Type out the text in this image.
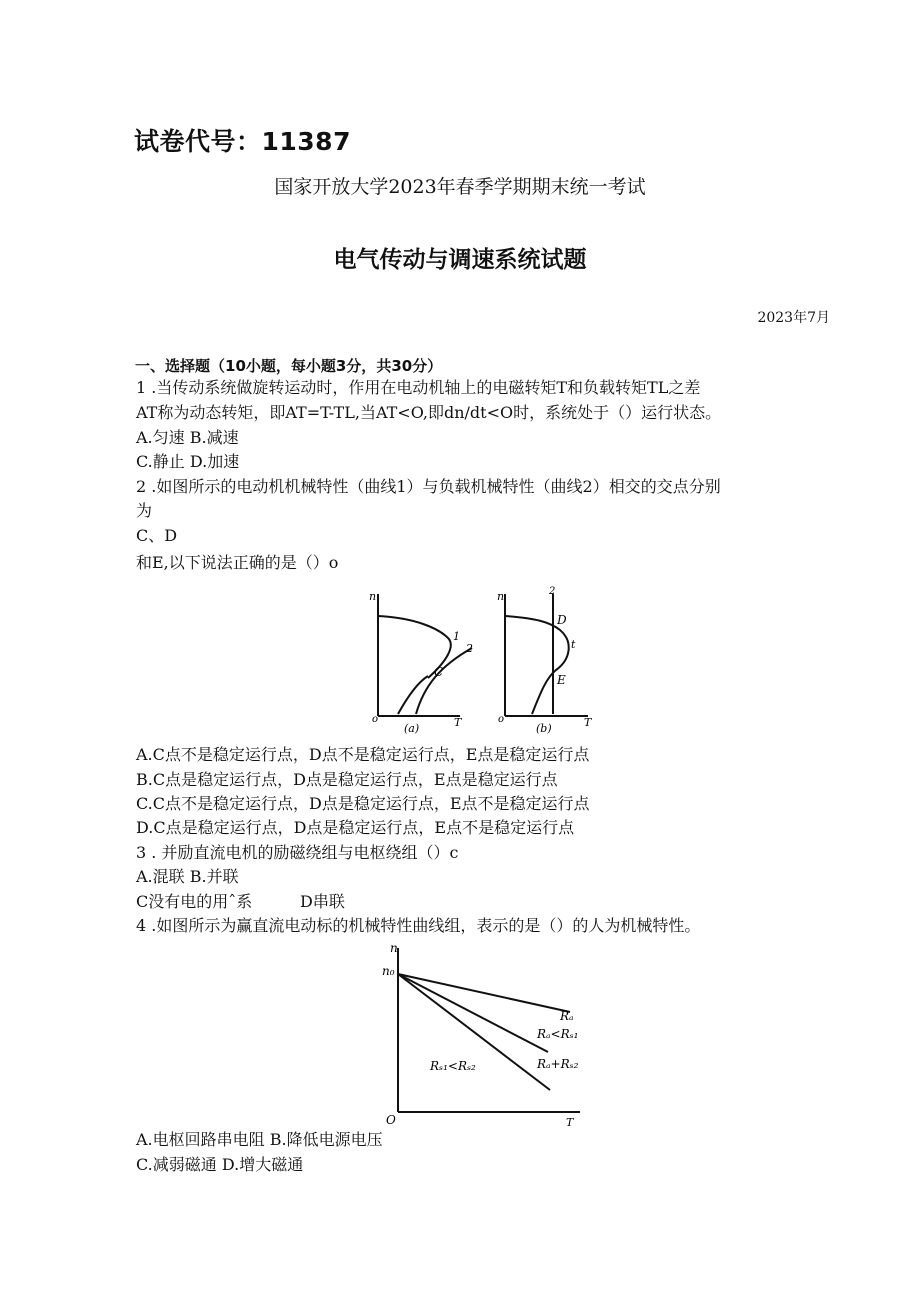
试卷代号：11387
国家开放大学2023年春季学期期末统一考试
电气传动与调速系统试题
2023年7月
一、选择题（10小题，每小题3分，共30分）
1 .当传动系统做旋转运动时，作用在电动机轴上的电磁转矩T和负载转矩TL之差
AT称为动态转矩，即AT=T-TL,当AT<O,即dn/dt<O时，系统处于（）运行状态。
A.匀速 B.减速
C.静止 D.加速
2 .如图所示的电动机机械特性（曲线1）与负载机械特性（曲线2）相交的交点分别
为
C、D
和E,以下说法正确的是（）o
n
o	T
1
2
C
(a)
n	2
D
t
E
o	T
(b)
A.C点不是稳定运行点，D点不是稳定运行点，E点是稳定运行点
B.C点是稳定运行点，D点是稳定运行点，E点是稳定运行点
C.C点不是稳定运行点，D点是稳定运行点，E点不是稳定运行点
D.C点是稳定运行点，D点是稳定运行点，E点不是稳定运行点
3 . 并励直流电机的励磁绕组与电枢绕组（）c
A.混联 B.并联
C没有电的用ˆ系	D串联
4 .如图所示为赢直流电动标的机械特性曲线组，表示的是（）的人为机械特性。
n
n₀
O	T
Rₐ
Rₐ<Rₛ₁
Rₐ+Rₛ₂
Rₛ₁<Rₛ₂
A.电枢回路串电阻 B.降低电源电压
C.减弱磁通 D.增大磁通
